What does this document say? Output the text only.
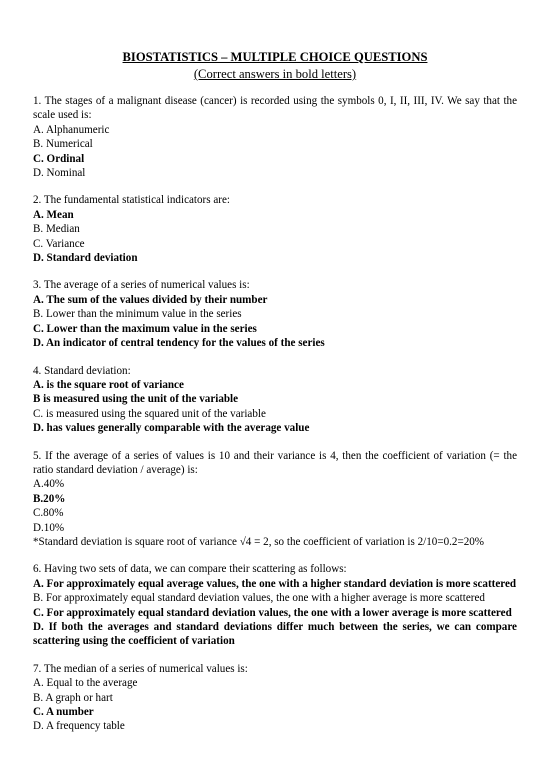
BIOSTATISTICS – MULTIPLE CHOICE QUESTIONS
(Correct answers in bold letters)
1. The stages of a malignant disease (cancer) is recorded using the symbols 0, I, II, III, IV. We say that the scale used is:
A. Alphanumeric
B. Numerical
C. Ordinal
D. Nominal
2. The fundamental statistical indicators are:
A. Mean
B. Median
C. Variance
D. Standard deviation
3. The average of a series of numerical values is:
A. The sum of the values divided by their number
B. Lower than the minimum value in the series
C. Lower than the maximum value in the series
D. An indicator of central tendency for the values of the series
4. Standard deviation:
A. is the square root of variance
B is measured using the unit of the variable
C. is measured using the squared unit of the variable
D. has values generally comparable with the average value
5. If the average of a series of values is 10 and their variance is 4, then the coefficient of variation (= the ratio standard deviation / average) is:
A.40%
B.20%
C.80%
D.10%
*Standard deviation is square root of variance √4 = 2, so the coefficient of variation is 2/10=0.2=20%
6. Having two sets of data, we can compare their scattering as follows:
A. For approximately equal average values, the one with a higher standard deviation is more scattered
B. For approximately equal standard deviation values, the one with a higher average is more scattered
C. For approximately equal standard deviation values, the one with a lower average is more scattered
D. If both the averages and standard deviations differ much between the series, we can compare scattering using the coefficient of variation
7. The median of a series of numerical values is:
A. Equal to the average
B. A graph or hart
C. A number
D. A frequency table
